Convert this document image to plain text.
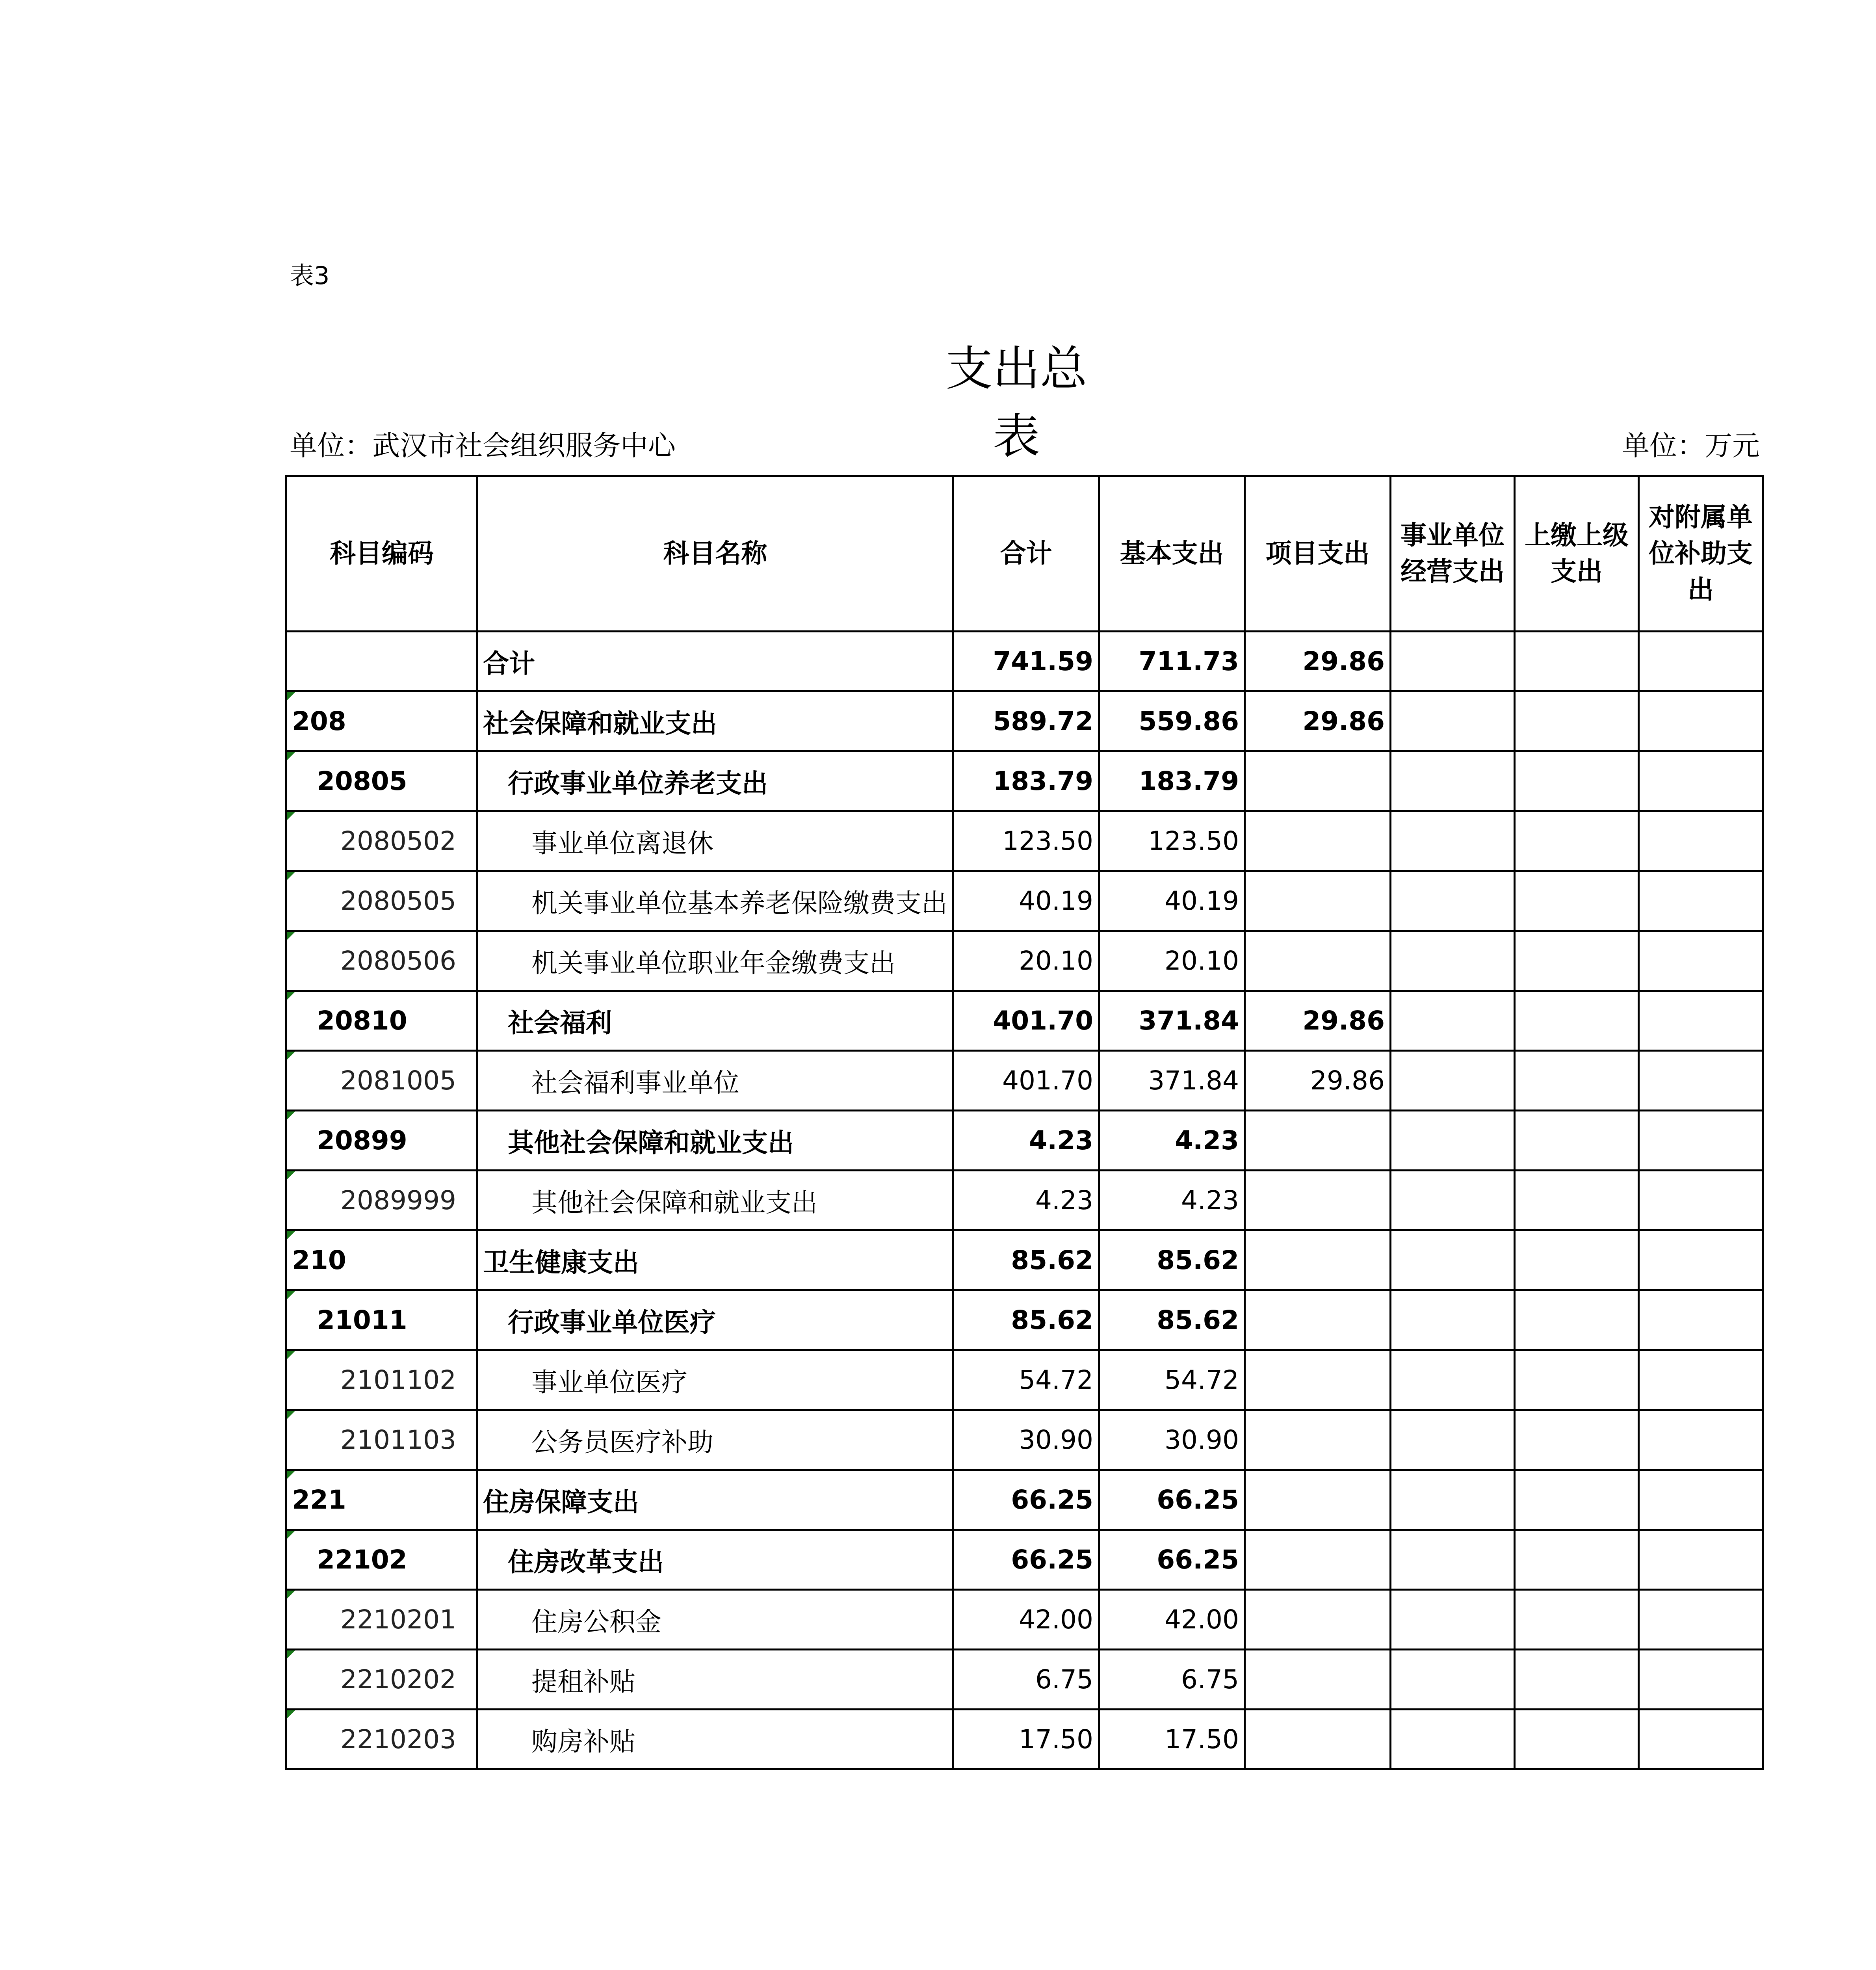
表3
支出总表
单位：武汉市社会组织服务中心	单位：万元
科目编码	科目名称	合计	基本支出	项目支出	事业单位经营支出	上缴上级支出	对附属单位补助支出
	合计	741.59	711.73	29.86			
208	社会保障和就业支出	589.72	559.86	29.86			
20805	行政事业单位养老支出	183.79	183.79				
2080502	事业单位离退休	123.50	123.50				
2080505	机关事业单位基本养老保险缴费支出	40.19	40.19				
2080506	机关事业单位职业年金缴费支出	20.10	20.10				
20810	社会福利	401.70	371.84	29.86			
2081005	社会福利事业单位	401.70	371.84	29.86			
20899	其他社会保障和就业支出	4.23	4.23				
2089999	其他社会保障和就业支出	4.23	4.23				
210	卫生健康支出	85.62	85.62				
21011	行政事业单位医疗	85.62	85.62				
2101102	事业单位医疗	54.72	54.72				
2101103	公务员医疗补助	30.90	30.90				
221	住房保障支出	66.25	66.25				
22102	住房改革支出	66.25	66.25				
2210201	住房公积金	42.00	42.00				
2210202	提租补贴	6.75	6.75				
2210203	购房补贴	17.50	17.50				
